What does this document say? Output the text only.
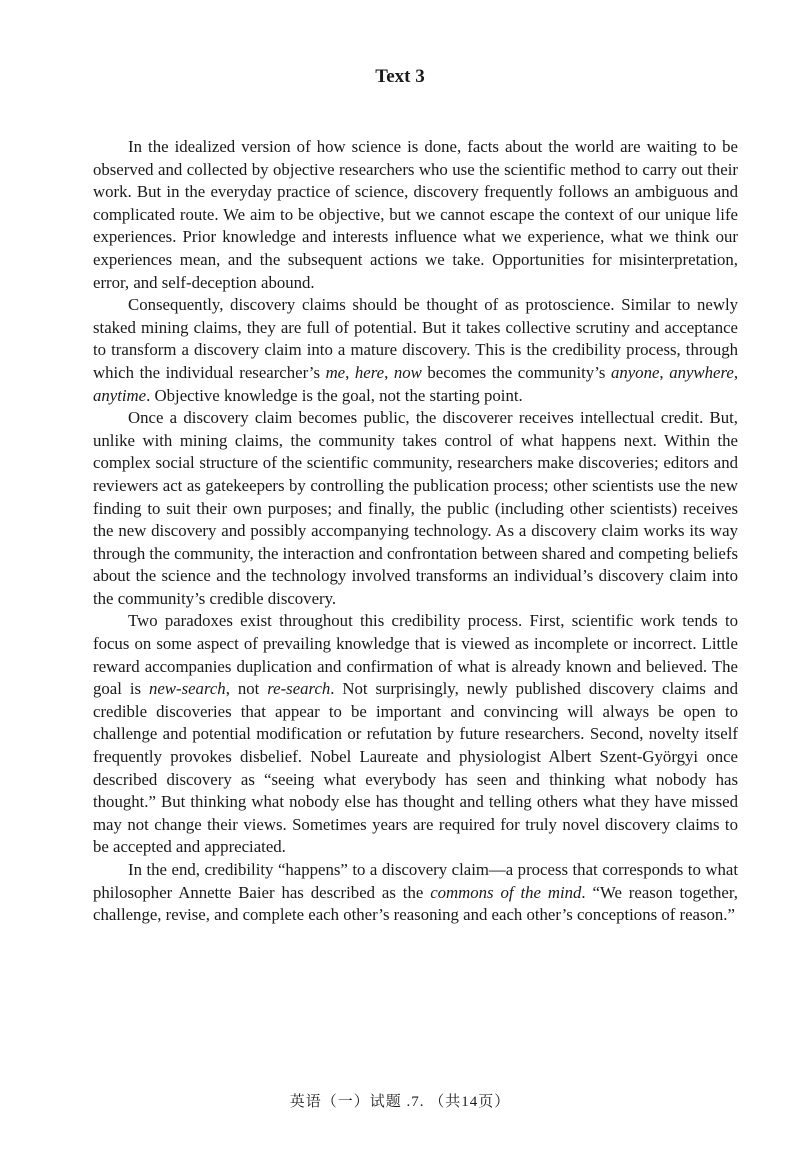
Text 3

In the idealized version of how science is done, facts about the world are waiting to be observed and collected by objective researchers who use the scientific method to carry out their work. But in the everyday practice of science, discovery frequently follows an ambiguous and complicated route. We aim to be objective, but we cannot escape the context of our unique life experiences. Prior knowledge and interests influence what we experience, what we think our experiences mean, and the subsequent actions we take. Opportunities for misinterpretation, error, and self-deception abound.

Consequently, discovery claims should be thought of as protoscience. Similar to newly staked mining claims, they are full of potential. But it takes collective scrutiny and acceptance to transform a discovery claim into a mature discovery. This is the credibility process, through which the individual researcher’s me, here, now becomes the community’s anyone, anywhere, anytime. Objective knowledge is the goal, not the starting point.

Once a discovery claim becomes public, the discoverer receives intellectual credit. But, unlike with mining claims, the community takes control of what happens next. Within the complex social structure of the scientific community, researchers make discoveries; editors and reviewers act as gatekeepers by controlling the publication process; other scientists use the new finding to suit their own purposes; and finally, the public (including other scientists) receives the new discovery and possibly accompanying technology. As a discovery claim works its way through the community, the interaction and confrontation between shared and competing beliefs about the science and the technology involved transforms an individual’s discovery claim into the community’s credible discovery.

Two paradoxes exist throughout this credibility process. First, scientific work tends to focus on some aspect of prevailing knowledge that is viewed as incomplete or incorrect. Little reward accompanies duplication and confirmation of what is already known and believed. The goal is new-search, not re-search. Not surprisingly, newly published discovery claims and credible discoveries that appear to be important and convincing will always be open to challenge and potential modification or refutation by future researchers. Second, novelty itself frequently provokes disbelief. Nobel Laureate and physiologist Albert Szent-Györgyi once described discovery as “seeing what everybody has seen and thinking what nobody has thought.” But thinking what nobody else has thought and telling others what they have missed may not change their views. Sometimes years are required for truly novel discovery claims to be accepted and appreciated.

In the end, credibility “happens” to a discovery claim—a process that corresponds to what philosopher Annette Baier has described as the commons of the mind. “We reason together, challenge, revise, and complete each other’s reasoning and each other’s conceptions of reason.”

英语（一）试题 .7. （共14页）
